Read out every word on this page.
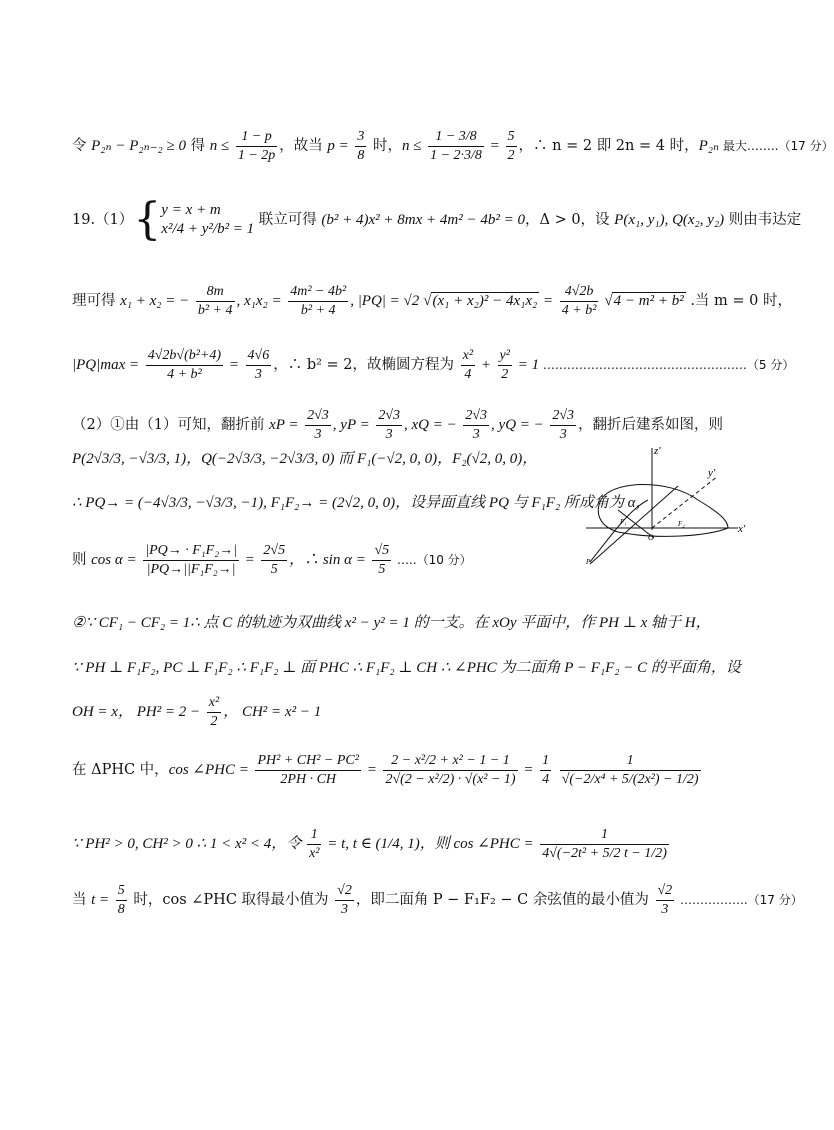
令 P₂ₙ − P₂ₙ₋₂ ≥ 0 得 $n \le \frac{1 - p}{1 - 2p}$ ，故当 $p = \frac{3}{8}$ 时，$n \le \frac{1 - 3/8}{1 - 2\cdot 3/8} = \frac{5}{2}$ ，∴ n = 2 即 2n = 4 时，P₂ₙ 最大……..（17 分）
19.（1）{ y = x + m
x²/4 + y²/b² = 1
联立可得 (b² + 4)x² + 8mx + 4m² − 4b² = 0，Δ > 0，设 P(x₁, y₁), Q(x₂, y₂) 则由韦达定
理可得 x₁ + x₂ = − $\frac{8m}{\text{b² + 4}}$ , $x_1x_2 = \frac{\text{4m² − 4b²}}{\text{b² + 4}}$ , |PQ| = √2 √ $(x_1 + x_2)^2 - 4x_1x_2 = \frac{4√2b}{\text{4 + b²}}$ √ 4 − m² + b² .当 m = 0 时，
$|PQ|\max = \frac{\text{4√2b√(b²+4)}}{\text{4 + b²}} = \frac{4√6}{3}$ ，∴ b² = 2，故椭圆方程为 $\frac{\text{x²}}{4} + \frac{\text{y²}}{2} = 1$ ……………………………………………（5 分）
（2）①由（1）可知，翻折前 xP = $\frac{2√3}{3}$ , yP = $\frac{2√3}{3}$ , xQ = − $\frac{2√3}{3}$ , yQ = − $\frac{2√3}{3}$ ，翻折后建系如图，则
P(2√3/3, −√3/3, 1)，Q(−2√3/3, −2√3/3, 0) 而 F₁(−√2, 0, 0)，F₂(√2, 0, 0)，
∴ PQ→ = (−4√3/3, −√3/3, −1), F₁F₂→ = (2√2, 0, 0)，设异面直线 PQ 与 F₁F₂ 所成角为 α，
则 $\cos \alpha = \frac{\text{|PQ→ · F₁F₂→|}}{\text{|PQ→||F₁F₂→|}} = \frac{2√5}{5}$ ，∴ $\sin \alpha = \frac{√5}{5}$ …..（10 分）
z'
y'
x'
O
F₁	F₂
P
②∵ CF₁ − CF₂ = 1∴ 点 C 的轨迹为双曲线 x² − y² = 1 的一支。在 xOy 平面中，作 PH ⊥ x 轴于 H，
∵ PH ⊥ F₁F₂, PC ⊥ F₁F₂ ∴ F₁F₂ ⊥ 面 PHC ∴ F₁F₂ ⊥ CH ∴ ∠PHC 为二面角 P − F₁F₂ − C 的平面角，设
OH = x， $PH^2 = 2 - \frac{\text{x²}}{2}$ ， CH² = x² − 1
在 ΔPHC 中，cos ∠PHC = $\frac{\text{PH² + CH² − PC²}}{2PH \cdot CH} = \frac{\text{2 − x²/2 + x² − 1 − 1}}{\text{2√(2 − x²/2) · √(x² − 1)}} = \frac{1}{4}$
$\frac{1}{\text{√(−2/x⁴ + 5/(2x²) − 1/2)}}$
∵ PH² > 0, CH² > 0 ∴ 1 < x² < 4，令 $\frac{1}{\text{x²}} = t$, t ∈ (1/4, 1)，则 cos ∠PHC = $\frac{1}{\text{4√(−2t² + 5/2 t − 1/2)}}$
当 $t = \frac{5}{8}$ 时，cos ∠PHC 取得最小值为 $\frac{√2}{3}$ ，即二面角 P − F₁F₂ − C 余弦值的最小值为 $\frac{√2}{3}$ ……………..（17 分）
